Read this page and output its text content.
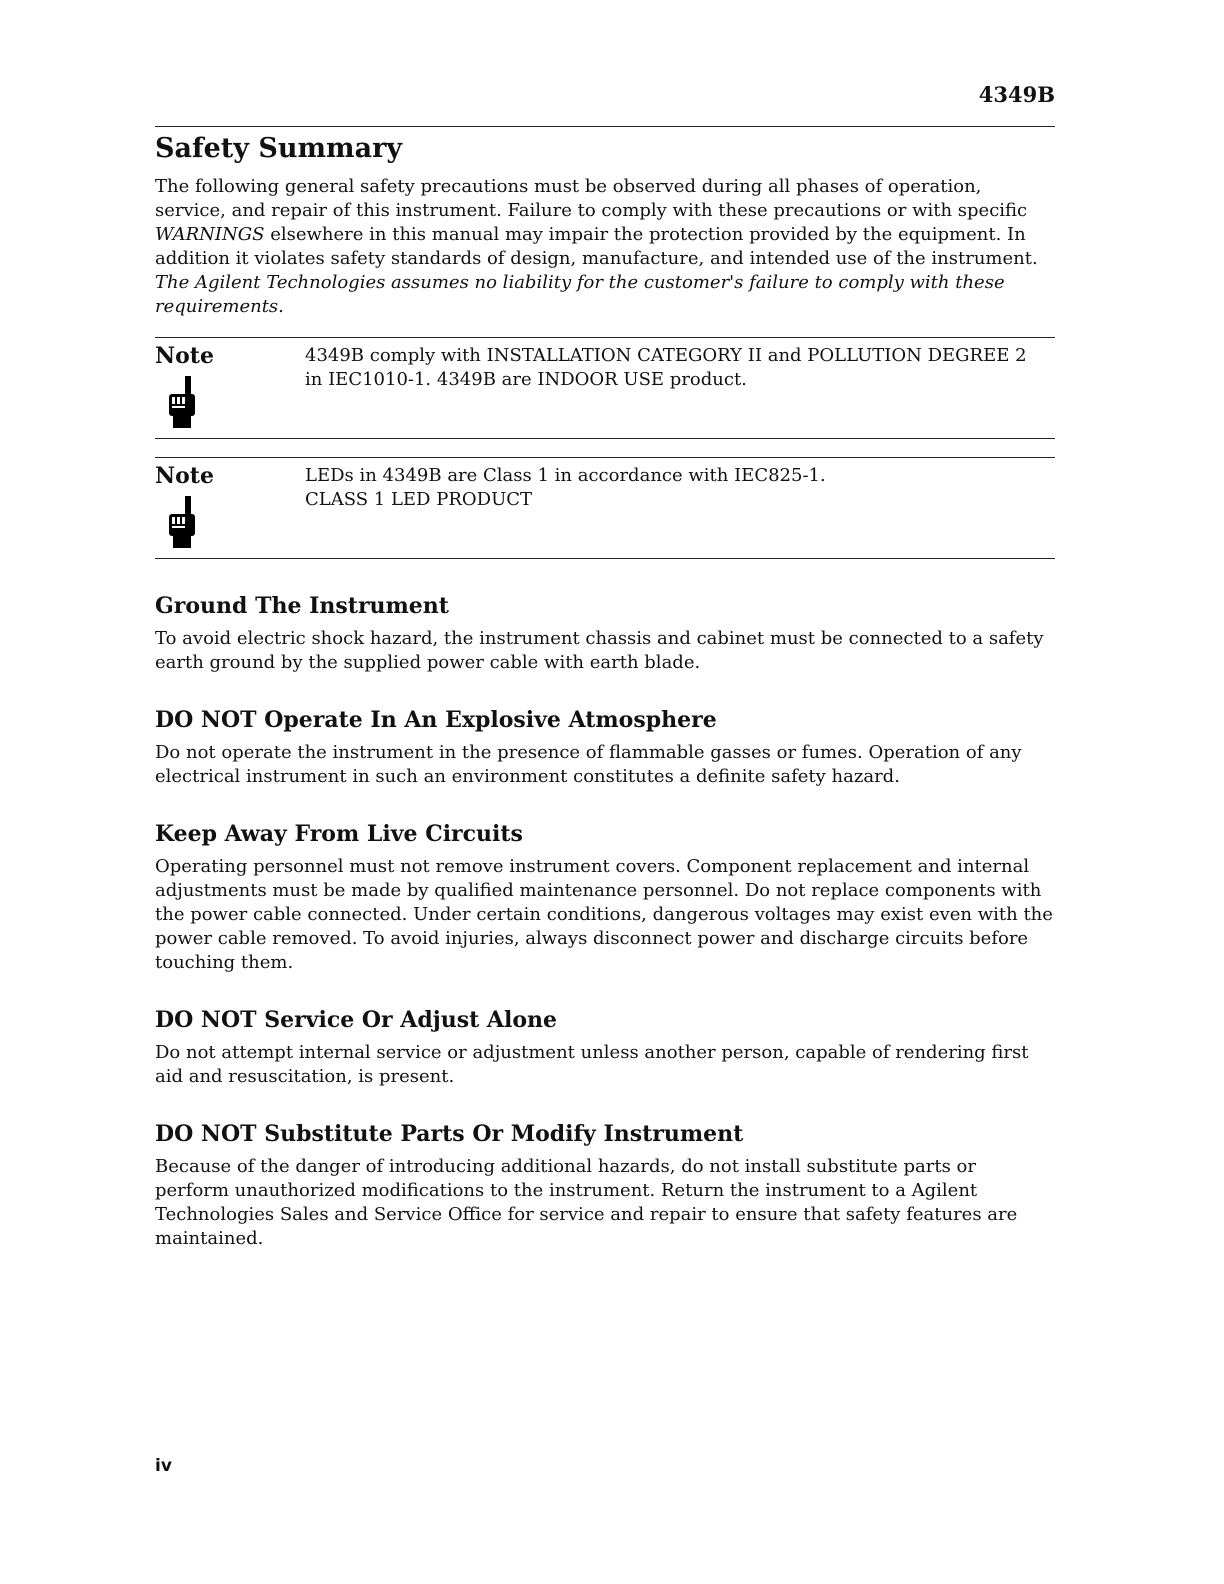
4349B
Safety Summary

The following general safety precautions must be observed during all phases of operation, service, and repair of this instrument. Failure to comply with these precautions or with specific WARNINGS elsewhere in this manual may impair the protection provided by the equipment. In addition it violates safety standards of design, manufacture, and intended use of the instrument.

The Agilent Technologies assumes no liability for the customer's failure to comply with these requirements.

Note	4349B comply with INSTALLATION CATEGORY II and POLLUTION DEGREE 2
in IEC1010-1. 4349B are INDOOR USE product.
Note	LEDs in 4349B are Class 1 in accordance with IEC825-1.
CLASS 1 LED PRODUCT
Ground The Instrument

To avoid electric shock hazard, the instrument chassis and cabinet must be connected to a safety earth ground by the supplied power cable with earth blade.

DO NOT Operate In An Explosive Atmosphere

Do not operate the instrument in the presence of flammable gasses or fumes. Operation of any electrical instrument in such an environment constitutes a definite safety hazard.

Keep Away From Live Circuits

Operating personnel must not remove instrument covers. Component replacement and internal adjustments must be made by qualified maintenance personnel. Do not replace components with the power cable connected. Under certain conditions, dangerous voltages may exist even with the power cable removed. To avoid injuries, always disconnect power and discharge circuits before touching them.

DO NOT Service Or Adjust Alone

Do not attempt internal service or adjustment unless another person, capable of rendering first aid and resuscitation, is present.

DO NOT Substitute Parts Or Modify Instrument

Because of the danger of introducing additional hazards, do not install substitute parts or perform unauthorized modifications to the instrument. Return the instrument to a Agilent Technologies Sales and Service Office for service and repair to ensure that safety features are maintained.

iv
